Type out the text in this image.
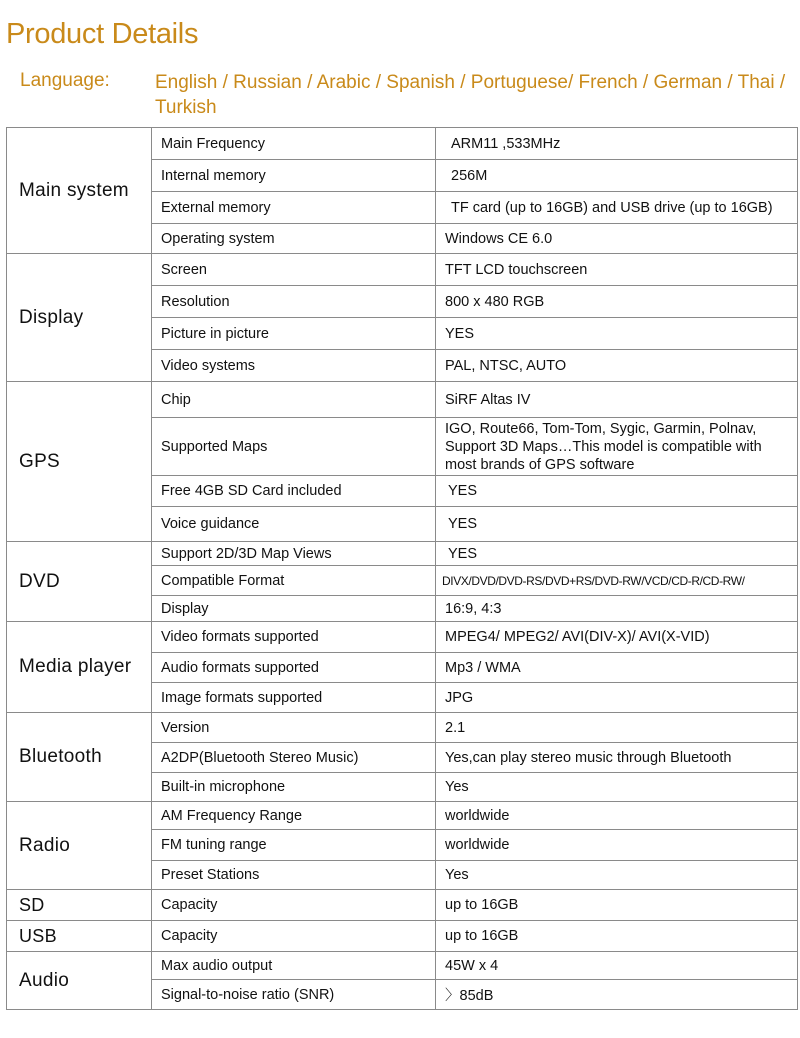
Product Details
Language: English / Russian / Arabic / Spanish / Portuguese/ French / German / Thai / Turkish
Main system	Main Frequency	ARM11 ,533MHz
	Internal memory	256M
	External memory	TF card (up to 16GB) and USB drive (up to 16GB)
	Operating system	Windows CE 6.0
Display	Screen	TFT LCD touchscreen
	Resolution	800 x 480 RGB
	Picture in picture	YES
	Video systems	PAL, NTSC, AUTO
GPS	Chip	SiRF Altas IV
	Supported Maps	IGO, Route66, Tom-Tom, Sygic, Garmin, Polnav, Support 3D Maps…This model is compatible with most brands of GPS software
	Free 4GB SD Card included	YES
	Voice guidance	YES
DVD	Support 2D/3D Map Views	YES
	Compatible Format	DIVX/DVD/DVD-RS/DVD+RS/DVD-RW/VCD/CD-R/CD-RW/
	Display	16:9, 4:3
Media player	Video formats supported	MPEG4/ MPEG2/ AVI(DIV-X)/ AVI(X-VID)
	Audio formats supported	Mp3 / WMA
	Image formats supported	JPG
Bluetooth	Version	2.1
	A2DP(Bluetooth Stereo Music)	Yes,can play stereo music through Bluetooth
	Built-in microphone	Yes
Radio	AM Frequency Range	worldwide
	FM tuning range	worldwide
	Preset Stations	Yes
SD	Capacity	up to 16GB
USB	Capacity	up to 16GB
Audio	Max audio output	45W x 4
	Signal-to-noise ratio (SNR)	〉85dB
